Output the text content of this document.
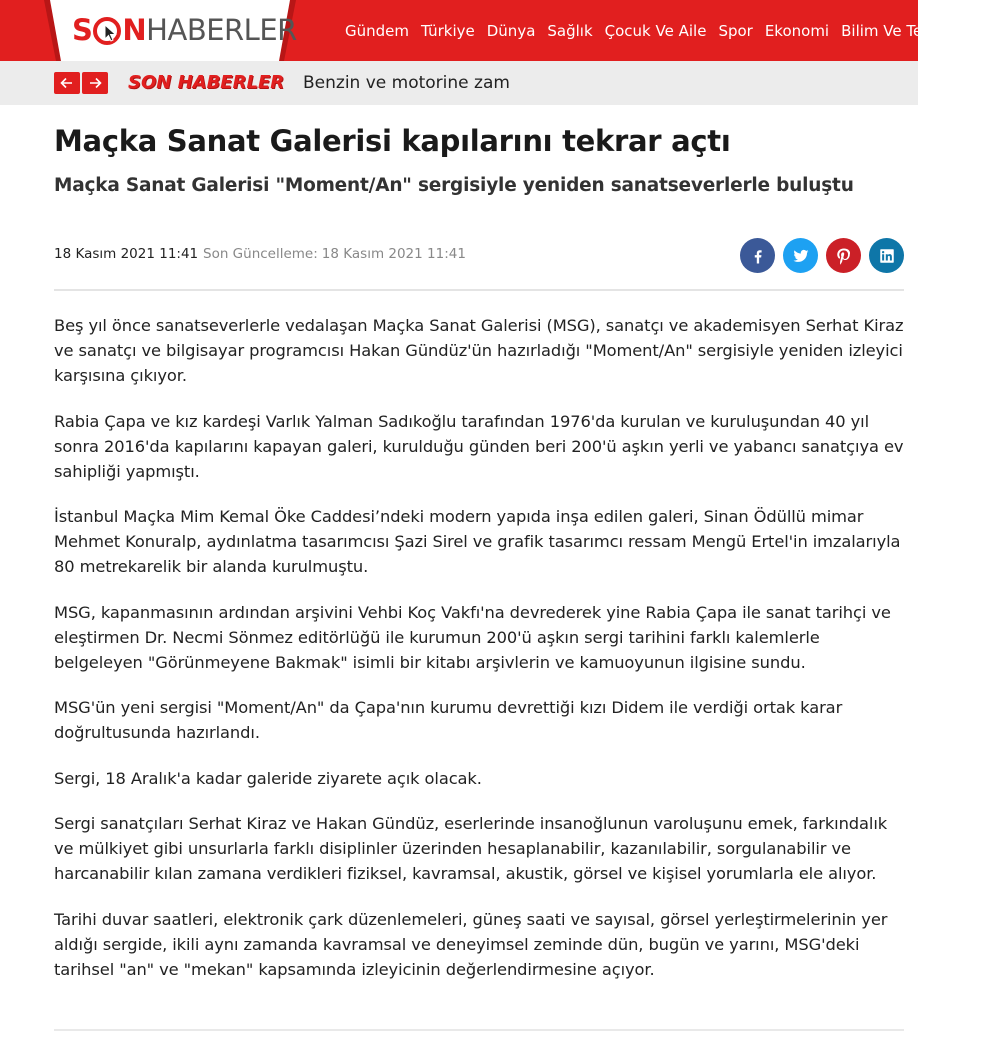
S N HABERLER	Gündem Türkiye Dünya Sağlık Çocuk Ve Aile Spor Ekonomi Bilim Ve Teknoloji
SON HABERLER Benzin ve motorine zam
Maçka Sanat Galerisi kapılarını tekrar açtı
Maçka Sanat Galerisi "Moment/An" sergisiyle yeniden sanatseverlerle buluştu
18 Kasım 2021 11:41 Son Güncelleme: 18 Kasım 2021 11:41

Beş yıl önce sanatseverlerle vedalaşan Maçka Sanat Galerisi (MSG), sanatçı ve akademisyen Serhat Kiraz ve sanatçı ve bilgisayar programcısı Hakan Gündüz'ün hazırladığı "Moment/An" sergisiyle yeniden izleyici karşısına çıkıyor.

Rabia Çapa ve kız kardeşi Varlık Yalman Sadıkoğlu tarafından 1976'da kurulan ve kuruluşundan 40 yıl sonra 2016'da kapılarını kapayan galeri, kurulduğu günden beri 200'ü aşkın yerli ve yabancı sanatçıya ev sahipliği yapmıştı.

İstanbul Maçka Mim Kemal Öke Caddesi’ndeki modern yapıda inşa edilen galeri, Sinan Ödüllü mimar Mehmet Konuralp, aydınlatma tasarımcısı Şazi Sirel ve grafik tasarımcı ressam Mengü Ertel'in imzalarıyla 80 metrekarelik bir alanda kurulmuştu.

MSG, kapanmasının ardından arşivini Vehbi Koç Vakfı'na devrederek yine Rabia Çapa ile sanat tarihçi ve eleştirmen Dr. Necmi Sönmez editörlüğü ile kurumun 200'ü aşkın sergi tarihini farklı kalemlerle belgeleyen "Görünmeyene Bakmak" isimli bir kitabı arşivlerin ve kamuoyunun ilgisine sundu.

MSG'ün yeni sergisi "Moment/An" da Çapa'nın kurumu devrettiği kızı Didem ile verdiği ortak karar doğrultusunda hazırlandı.

Sergi, 18 Aralık'a kadar galeride ziyarete açık olacak.

Sergi sanatçıları Serhat Kiraz ve Hakan Gündüz, eserlerinde insanoğlunun varoluşunu emek, farkındalık ve mülkiyet gibi unsurlarla farklı disiplinler üzerinden hesaplanabilir, kazanılabilir, sorgulanabilir ve harcanabilir kılan zamana verdikleri fiziksel, kavramsal, akustik, görsel ve kişisel yorumlarla ele alıyor.

Tarihi duvar saatleri, elektronik çark düzenlemeleri, güneş saati ve sayısal, görsel yerleştirmelerinin yer aldığı sergide, ikili aynı zamanda kavramsal ve deneyimsel zeminde dün, bugün ve yarını, MSG'deki tarihsel "an" ve "mekan" kapsamında izleyicinin değerlendirmesine açıyor.
